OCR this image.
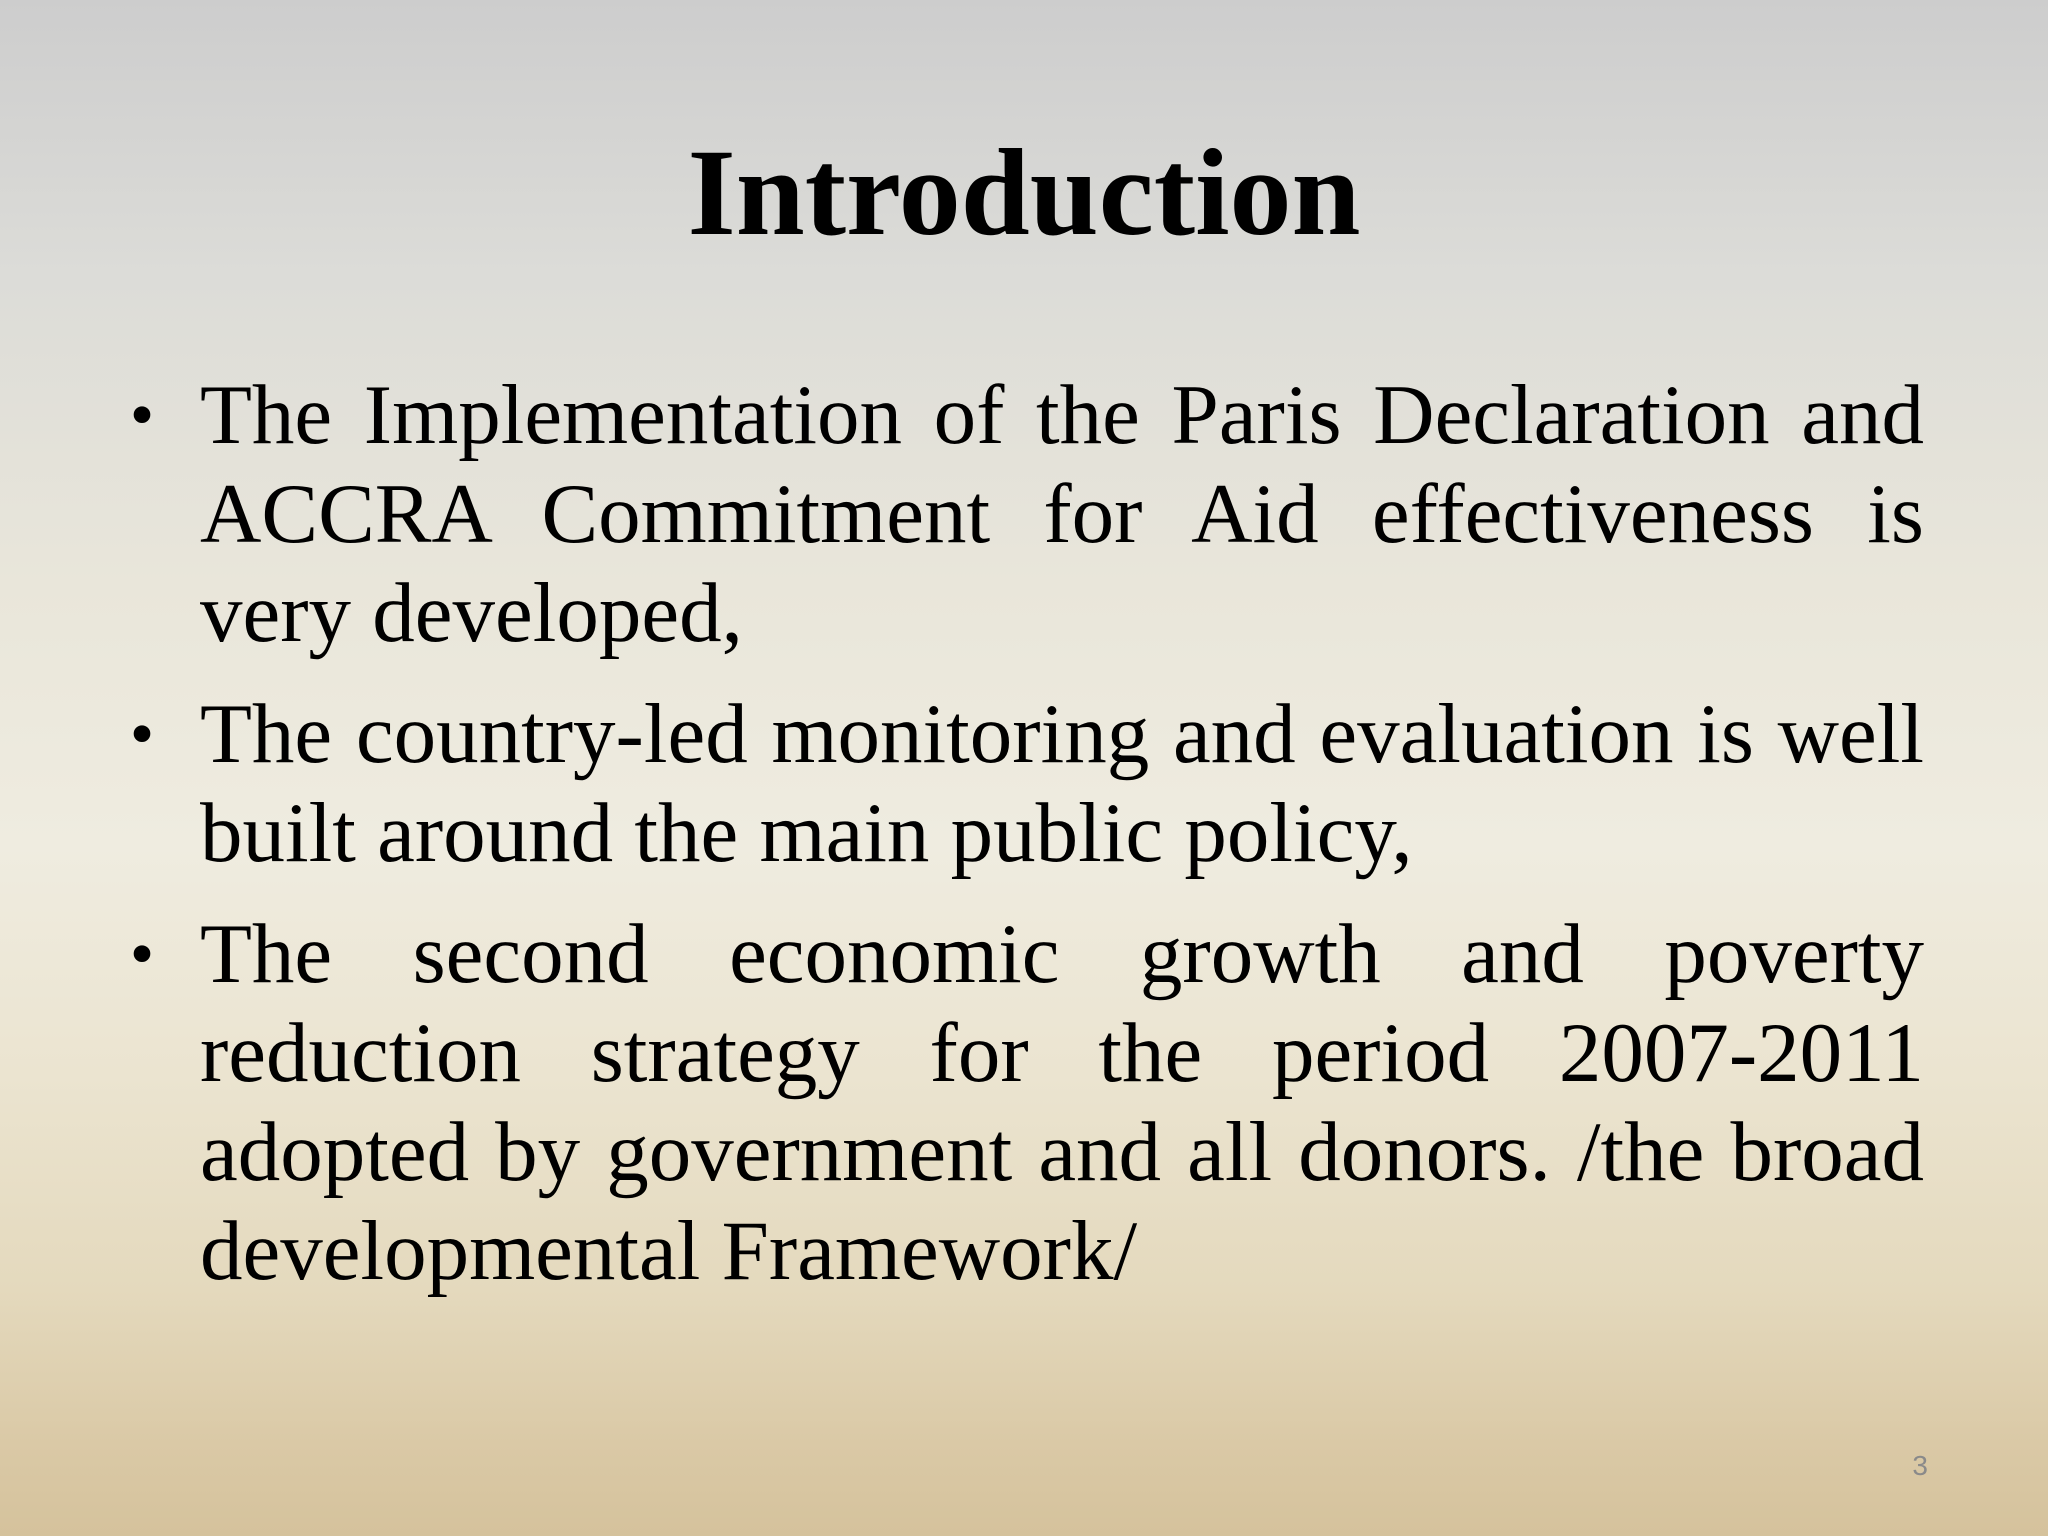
Introduction
• The Implementation of the Paris Declaration and ACCRA Commitment for Aid effectiveness is very developed,
• The country-led monitoring and evaluation is well built around the main public policy,
• The second economic growth and poverty reduction strategy for the period 2007-2011 adopted by government and all donors. /the broad developmental Framework/
3
